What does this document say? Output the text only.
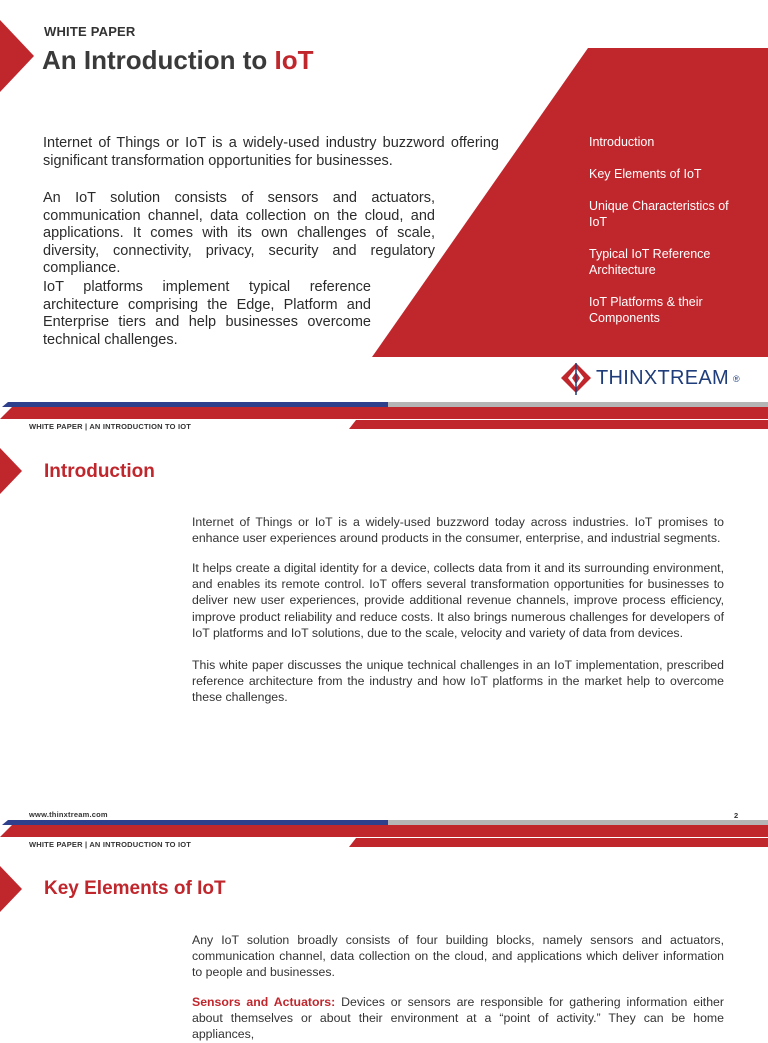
WHITE PAPER
An Introduction to IoT
Internet of Things or IoT is a widely-used industry buzzword offering significant transformation opportunities for businesses.
An IoT solution consists of sensors and actuators, communication channel, data collection on the cloud, and applications. It comes with its own challenges of scale, diversity, connectivity, privacy, security and regulatory compliance.
IoT platforms implement typical reference architecture comprising the Edge, Platform and Enterprise tiers and help businesses overcome technical challenges.
Introduction
Key Elements of IoT
Unique Characteristics of IoT
Typical IoT Reference Architecture
IoT Platforms & their Components
THINXTREAM ®
WHITE PAPER | AN INTRODUCTION TO IOT
Introduction
Internet of Things or IoT is a widely-used buzzword today across industries. IoT promises to enhance user experiences around products in the consumer, enterprise, and industrial segments.
It helps create a digital identity for a device, collects data from it and its surrounding environment, and enables its remote control. IoT offers several transformation opportunities for businesses to deliver new user experiences, provide additional revenue channels, improve process efficiency, improve product reliability and reduce costs. It also brings numerous challenges for developers of IoT platforms and IoT solutions, due to the scale, velocity and variety of data from devices.
This white paper discusses the unique technical challenges in an IoT implementation, prescribed reference architecture from the industry and how IoT platforms in the market help to overcome these challenges.
www.thinxtream.com	2
WHITE PAPER | AN INTRODUCTION TO IOT
Key Elements of IoT
Any IoT solution broadly consists of four building blocks, namely sensors and actuators, communication channel, data collection on the cloud, and applications which deliver information to people and businesses.
Sensors and Actuators: Devices or sensors are responsible for gathering information either about themselves or about their environment at a “point of activity.” They can be home appliances,
